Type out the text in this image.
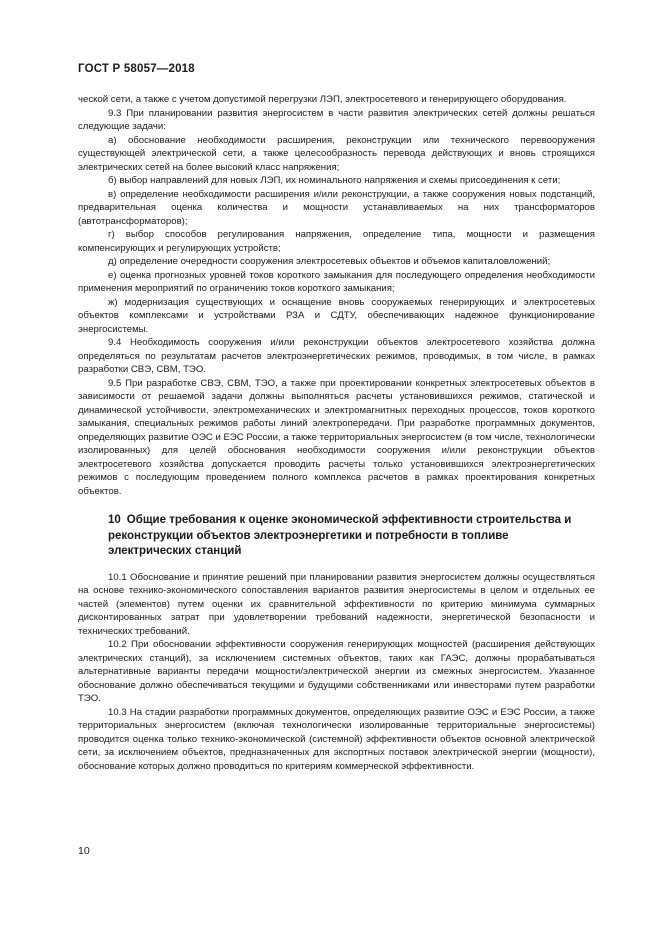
ГОСТ Р 58057—2018

ческой сети, а также с учетом допустимой перегрузки ЛЭП, электросетевого и генерирующего оборудования.

9.3 При планировании развития энергосистем в части развития электрических сетей должны решаться следующие задачи:

а) обоснование необходимости расширения, реконструкции или технического перевооружения существующей электрической сети, а также целесообразность перевода действующих и вновь строящихся электрических сетей на более высокий класс напряжения;

б) выбор направлений для новых ЛЭП, их номинального напряжения и схемы присоединения к сети;

в) определение необходимости расширения и/или реконструкции, а также сооружения новых подстанций, предварительная оценка количества и мощности устанавливаемых на них трансформаторов (автотрансформаторов);

г) выбор способов регулирования напряжения, определение типа, мощности и размещения компенсирующих и регулирующих устройств;

д) определение очередности сооружения электросетевых объектов и объемов капиталовложений;

е) оценка прогнозных уровней токов короткого замыкания для последующего определения необходимости применения мероприятий по ограничению токов короткого замыкания;

ж) модернизация существующих и оснащение вновь сооружаемых генерирующих и электросетевых объектов комплексами и устройствами РЗА и СДТУ, обеспечивающих надежное функционирование энергосистемы.

9.4 Необходимость сооружения и/или реконструкции объектов электросетевого хозяйства должна определяться по результатам расчетов электроэнергетических режимов, проводимых, в том числе, в рамках разработки СВЭ, СВМ, ТЭО.

9.5 При разработке СВЭ, СВМ, ТЭО, а также при проектировании конкретных электросетевых объектов в зависимости от решаемой задачи должны выполняться расчеты установившихся режимов, статической и динамической устойчивости, электромеханических и электромагнитных переходных процессов, токов короткого замыкания, специальных режимов работы линий электропередачи. При разработке программных документов, определяющих развитие ОЭС и ЕЭС России, а также территориальных энергосистем (в том числе, технологически изолированных) для целей обоснования необходимости сооружения и/или реконструкции объектов электросетевого хозяйства допускается проводить расчеты только установившихся электроэнергетических режимов с последующим проведением полного комплекса расчетов в рамках проектирования конкретных объектов.

10 Общие требования к оценке экономической эффективности строительства и реконструкции объектов электроэнергетики и потребности в топливе электрических станций

10.1 Обоснование и принятие решений при планировании развития энергосистем должны осуществляться на основе технико-экономического сопоставления вариантов развития энергосистемы в целом и отдельных ее частей (элементов) путем оценки их сравнительной эффективности по критерию минимума суммарных дисконтированных затрат при удовлетворении требований надежности, энергетической безопасности и технических требований.

10.2 При обосновании эффективности сооружения генерирующих мощностей (расширения действующих электрических станций), за исключением системных объектов, таких как ГАЭС, должны прорабатываться альтернативные варианты передачи мощности/электрической энергии из смежных энергосистем. Указанное обоснование должно обеспечиваться текущими и будущими собственниками или инвесторами путем разработки ТЭО.

10.3 На стадии разработки программных документов, определяющих развитие ОЭС и ЕЭС России, а также территориальных энергосистем (включая технологически изолированные территориальные энергосистемы) проводится оценка только технико-экономической (системной) эффективности объектов основной электрической сети, за исключением объектов, предназначенных для экспортных поставок электрической энергии (мощности), обоснование которых должно проводиться по критериям коммерческой эффективности.

10
